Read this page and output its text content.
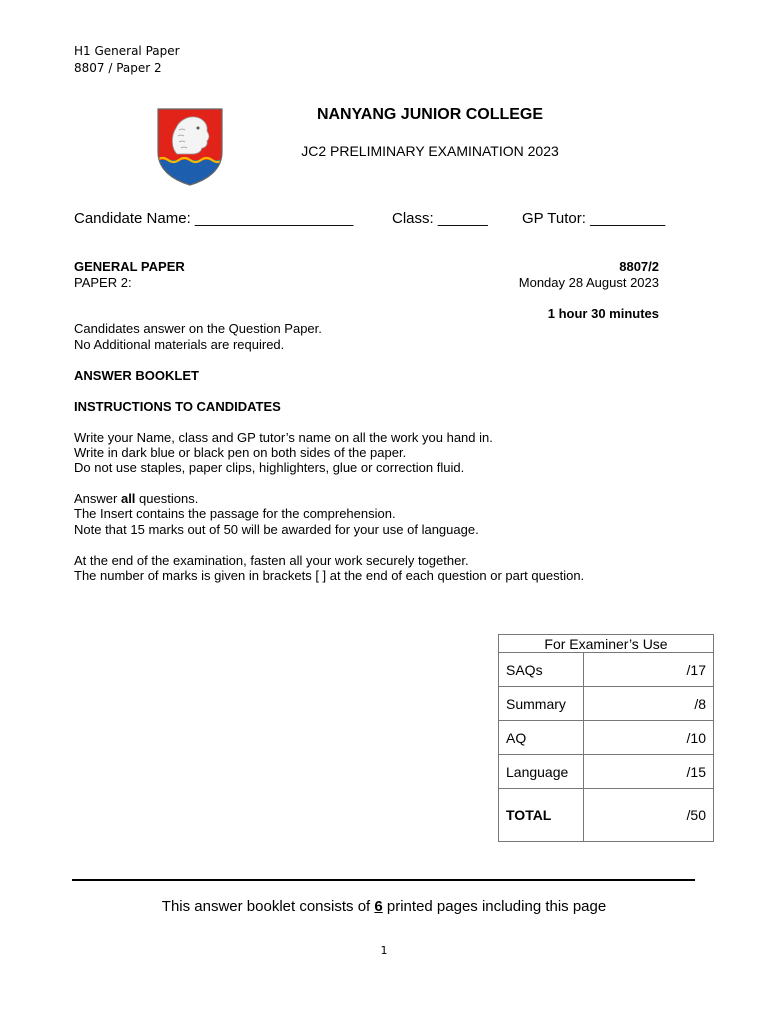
H1 General Paper
8807 / Paper 2
NANYANG JUNIOR COLLEGE
JC2 PRELIMINARY EXAMINATION 2023
Candidate Name: ___________________	Class: ______ GP Tutor: _________
GENERAL PAPER	8807/2
PAPER 2:	Monday 28 August 2023
1 hour 30 minutes
Candidates answer on the Question Paper.
No Additional materials are required.
ANSWER BOOKLET
INSTRUCTIONS TO CANDIDATES
Write your Name, class and GP tutor’s name on all the work you hand in.
Write in dark blue or black pen on both sides of the paper.
Do not use staples, paper clips, highlighters, glue or correction fluid.
Answer all questions.
The Insert contains the passage for the comprehension.
Note that 15 marks out of 50 will be awarded for your use of language.
At the end of the examination, fasten all your work securely together.
The number of marks is given in brackets [ ] at the end of each question or part question.
For Examiner’s Use	
SAQs	/17
Summary	/8
AQ	/10
Language	/15
TOTAL	/50
This answer booklet consists of 6 printed pages including this page
1
